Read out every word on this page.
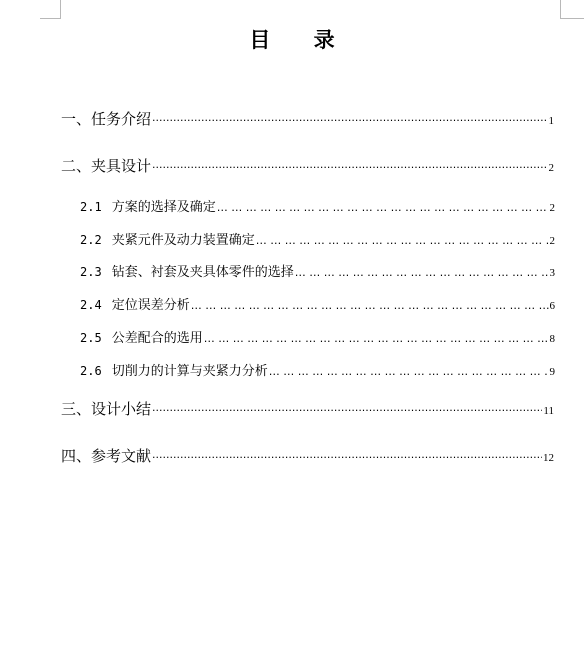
目 录
一、任务介绍 ·····	1
二、夹具设计 ·····	2
2.1 方案的选择及确定 … … … … … … … … … … … … … … … … … … … … … … … … … … … … … … … … … … … … … … … … … … … … … … … … … … … … … … … … … … … … … … … … … … … … … … … …	2
2.2 夹紧元件及动力装置确定 … … … … … … … … … … … … … … … … … … … … … … … … … … … … … … … … … … … … … … … … … … … … … … … … … … … … … … … … … … … … … … … … … … … … … … … …	2
2.3 钻套、衬套及夹具体零件的选择 … … … … … … … … … … … … … … … … … … … … … … … … … … … … … … … … … … … … … … … … … … … … … … … … … … … … … … … … … … … … … … … … … … … … … … … …	3
2.4 定位误差分析 … … … … … … … … … … … … … … … … … … … … … … … … … … … … … … … … … … … … … … … … … … … … … … … … … … … … … … … … … … … … … … … … … … … … … … … …	6
2.5 公差配合的选用 … … … … … … … … … … … … … … … … … … … … … … … … … … … … … … … … … … … … … … … … … … … … … … … … … … … … … … … … … … … … … … … … … … … … … … … …	8
2.6 切削力的计算与夹紧力分析 … … … … … … … … … … … … … … … … … … … … … … … … … … … … … … … … … … … … … … … … … … … … … … … … … … … … … … … … … … … … … … … … … … … … … … … …	9
三、设计小结 ·····	11
四、参考文献 ·····	12
